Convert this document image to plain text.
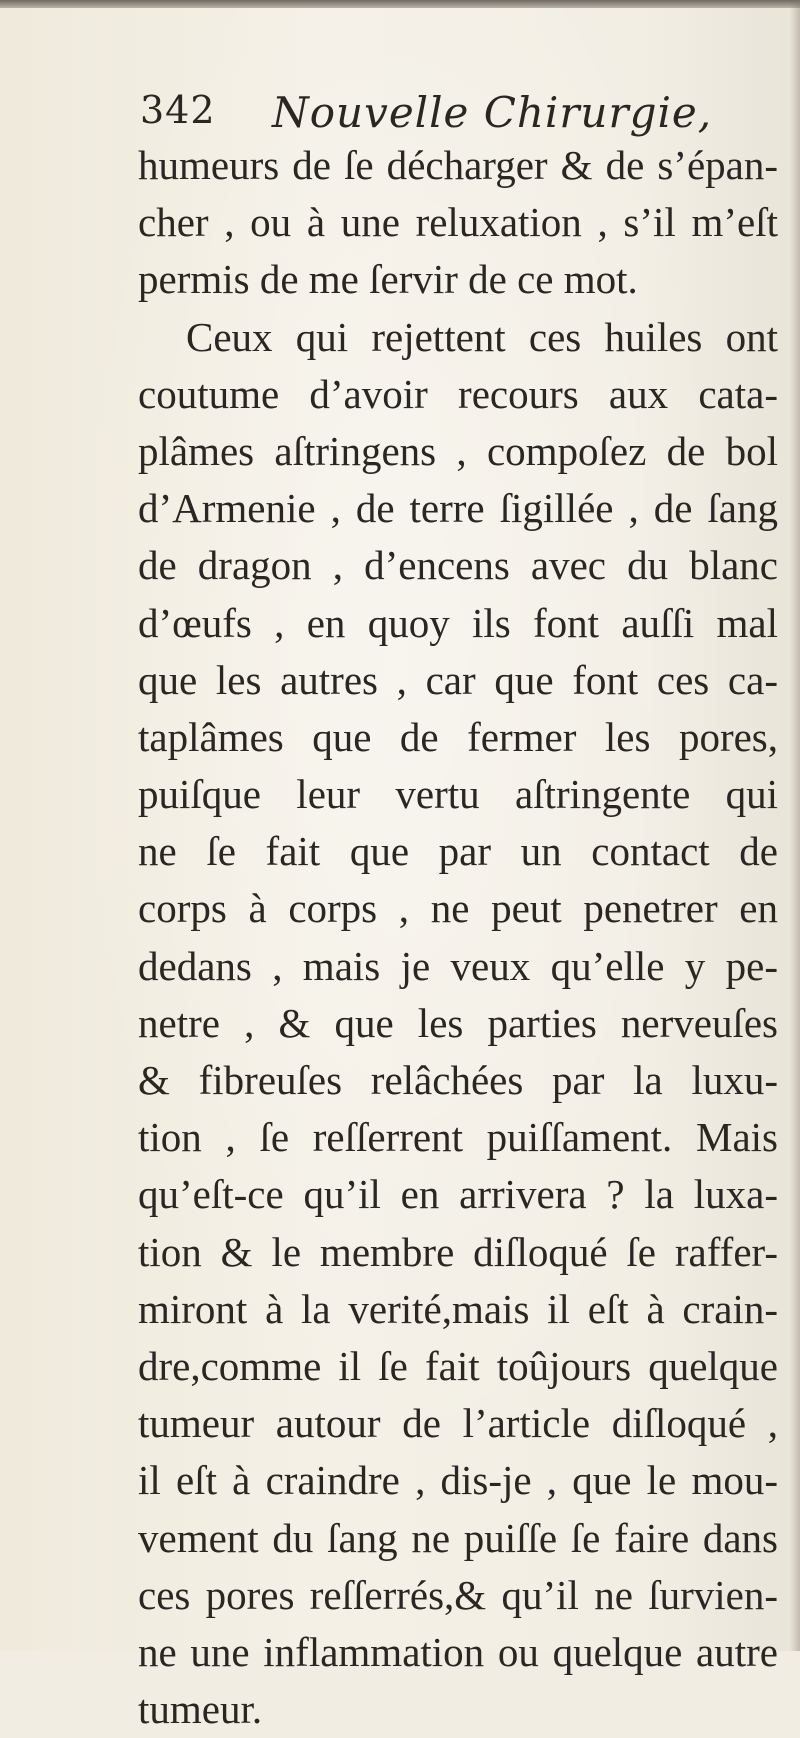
342 Nouvelle Chirurgie,
humeurs de ſe décharger & de s’épan-
cher , ou à une reluxation , s’il m’eſt
permis de me ſervir de ce mot.
Ceux qui rejettent ces huiles ont
coutume d’avoir recours aux cata-
plâmes aſtringens , compoſez de bol
d’Armenie , de terre ſigillée , de ſang
de dragon , d’encens avec du blanc
d’œufs , en quoy ils font auſſi mal
que les autres , car que font ces ca-
taplâmes que de fermer les pores,
puiſque leur vertu aſtringente qui
ne ſe fait que par un contact de
corps à corps , ne peut penetrer en
dedans , mais je veux qu’elle y pe-
netre , & que les parties nerveuſes
& fibreuſes relâchées par la luxu-
tion , ſe reſſerrent puiſſament. Mais
qu’eſt-ce qu’il en arrivera ? la luxa-
tion & le membre diſloqué ſe raffer-
miront à la verité,mais il eſt à crain-
dre,comme il ſe fait toûjours quelque
tumeur autour de l’article diſloqué ,
il eſt à craindre , dis-je , que le mou-
vement du ſang ne puiſſe ſe faire dans
ces pores reſſerrés,& qu’il ne ſurvien-
ne une inflammation ou quelque autre
tumeur.
